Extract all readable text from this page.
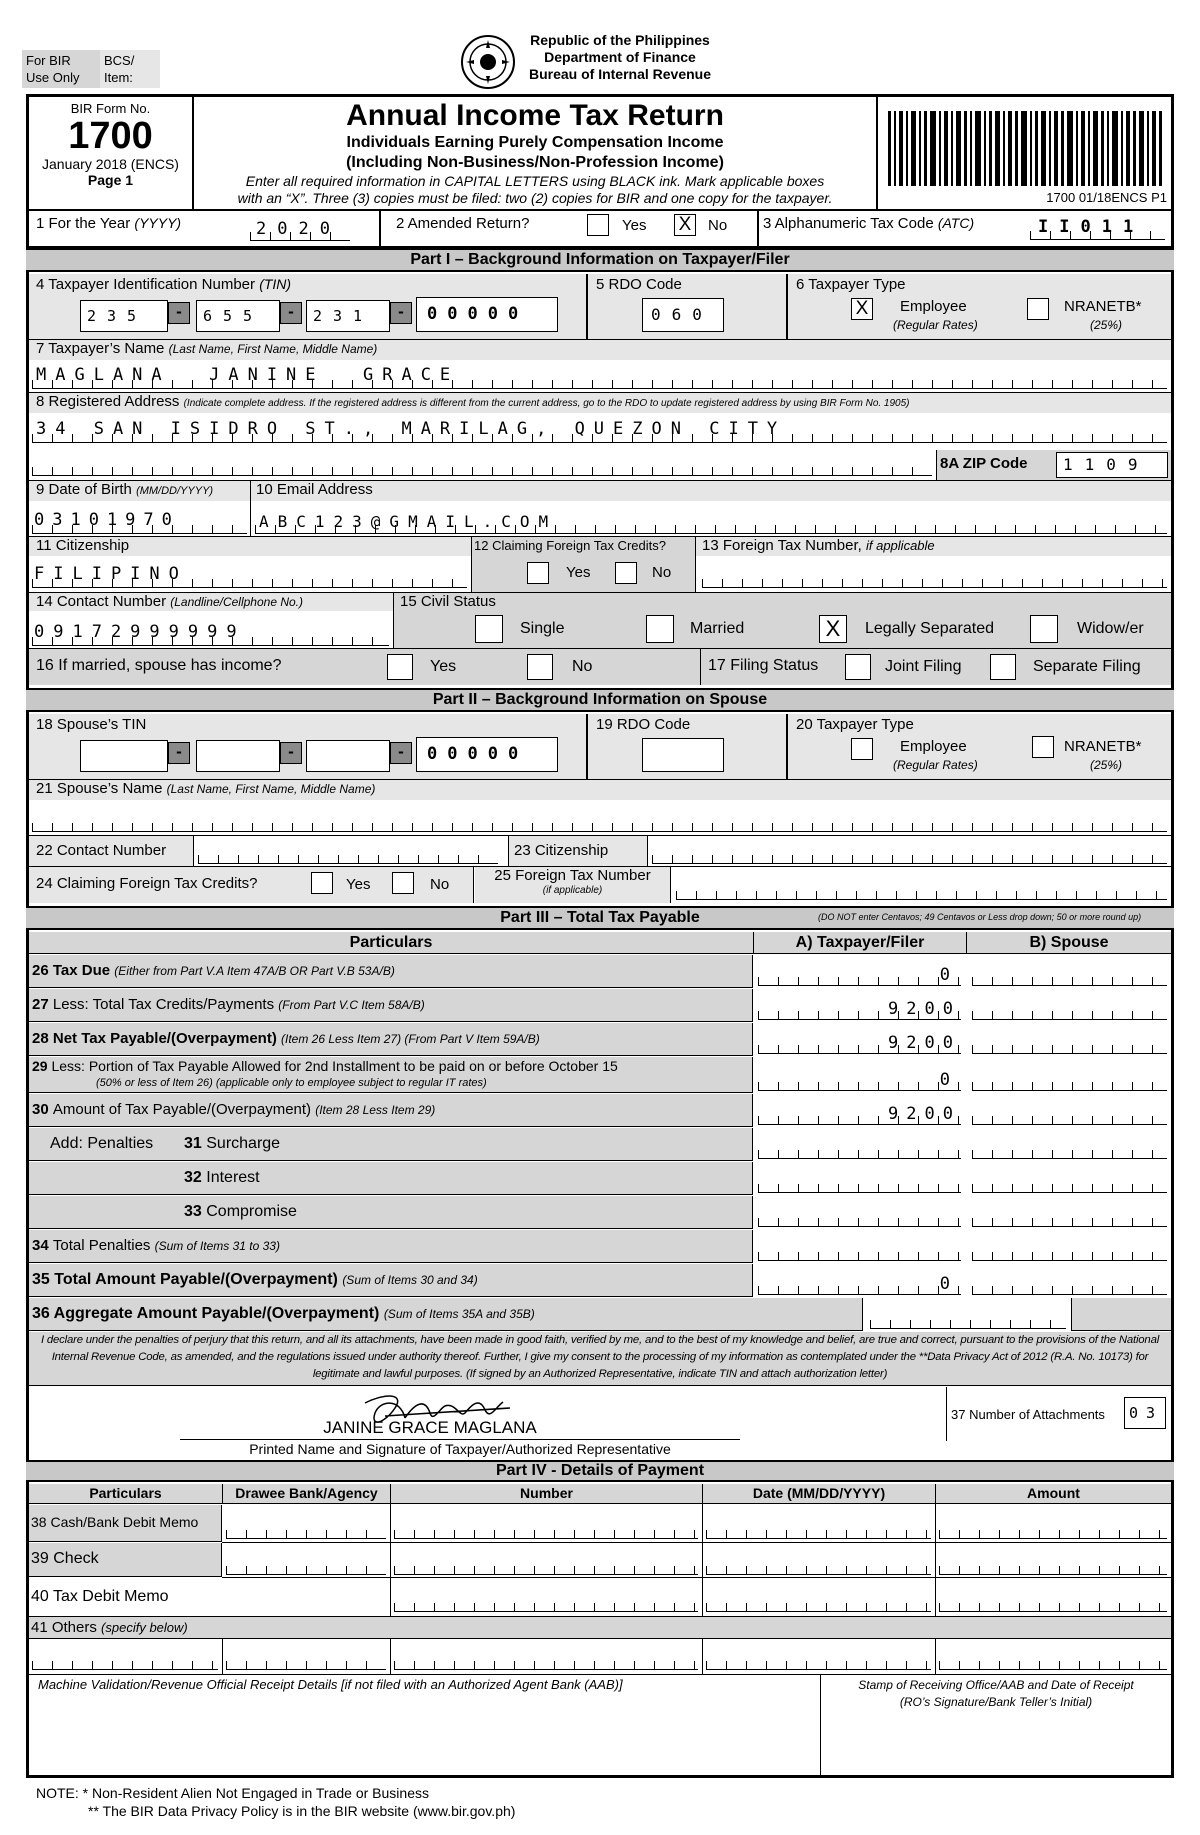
For BIR
Use Only
BCS/
Item:
Republic of the Philippines
Department of Finance
Bureau of Internal Revenue
BIR Form No.
1700
January 2018 (ENCS)
Page 1
Annual Income Tax Return
Individuals Earning Purely Compensation Income
(Including Non-Business/Non-Profession Income)
Enter all required information in CAPITAL LETTERS using BLACK ink. Mark applicable boxes
with an “X”. Three (3) copies must be filed: two (2) copies for BIR and one copy for the taxpayer.	1700 01/18ENCS P1
1 For the Year (YYYY)	2020	2 Amended Return?	Yes X	No 3 Alphanumeric Tax Code (ATC)	II011
Part I – Background Information on Taxpayer/Filer
4 Taxpayer Identification Number (TIN)
235	-	655	-	231	-	00000
5 RDO Code
060
6 Taxpayer Type
X	Employee
(Regular Rates)
NRANETB*
(25%)
7 Taxpayer’s Name (Last Name, First Name, Middle Name)
MAGLANA  JANINE  GRACE
8 Registered Address (Indicate complete address. If the registered address is different from the current address, go to the RDO to update registered address by using BIR Form No. 1905)
34 SAN ISIDRO ST., MARILAG, QUEZON CITY
8A ZIP Code	1109
9 Date of Birth (MM/DD/YYYY)	10 Email Address
03101970	ABC123@GMAIL.COM
11 Citizenship
FILIPINO
12 Claiming Foreign Tax Credits?
Yes	No
13 Foreign Tax Number, if applicable
14 Contact Number (Landline/Cellphone No.)	15 Civil Status
09172999999	Single	Married	X	Legally Separated	Widow/er
16 If married, spouse has income?	Yes	No	17 Filing Status	Joint Filing	Separate Filing
Part II – Background Information on Spouse
18 Spouse’s TIN
-	-	-	00000
19 RDO Code	20 Taxpayer Type
Employee
(Regular Rates)
NRANETB*
(25%)
21 Spouse’s Name (Last Name, First Name, Middle Name)
22 Contact Number	23 Citizenship
24 Claiming Foreign Tax Credits?	Yes	No
25 Foreign Tax Number
(if applicable)
Part III – Total Tax Payable	(DO NOT enter Centavos; 49 Centavos or Less drop down; 50 or more round up)
Particulars	A) Taxpayer/Filer	B) Spouse
26 Tax Due (Either from Part V.A Item 47A/B OR Part V.B 53A/B)	0
27 Less: Total Tax Credits/Payments (From Part V.C Item 58A/B)	9200
28 Net Tax Payable/(Overpayment) (Item 26 Less Item 27) (From Part V Item 59A/B)	9200
29 Less: Portion of Tax Payable Allowed for 2nd Installment to be paid on or before October 15
(50% or less of Item 26) (applicable only to employee subject to regular IT rates)	0
30 Amount of Tax Payable/(Overpayment) (Item 28 Less Item 29)	9200
Add: Penalties 31 Surcharge
32 Interest
33 Compromise
34 Total Penalties (Sum of Items 31 to 33)
35 Total Amount Payable/(Overpayment) (Sum of Items 30 and 34)	0
36 Aggregate Amount Payable/(Overpayment) (Sum of Items 35A and 35B)
I declare under the penalties of perjury that this return, and all its attachments, have been made in good faith, verified by me, and to the best of my knowledge and belief, are true and correct, pursuant to the provisions of the National Internal Revenue Code, as amended, and the regulations issued under authority thereof. Further, I give my consent to the processing of my information as contemplated under the **Data Privacy Act of 2012 (R.A. No. 10173) for legitimate and lawful purposes. (If signed by an Authorized Representative, indicate TIN and attach authorization letter)
JANINE GRACE MAGLANA
Printed Name and Signature of Taxpayer/Authorized Representative
37 Number of Attachments	03
Part IV - Details of Payment
Particulars	Drawee Bank/Agency	Number	Date (MM/DD/YYYY)	Amount
38 Cash/Bank Debit Memo
39 Check
40 Tax Debit Memo
41 Others (specify below)
Machine Validation/Revenue Official Receipt Details [if not filed with an Authorized Agent Bank (AAB)]	Stamp of Receiving Office/AAB and Date of Receipt
(RO’s Signature/Bank Teller’s Initial)
NOTE: * Non-Resident Alien Not Engaged in Trade or Business
** The BIR Data Privacy Policy is in the BIR website (www.bir.gov.ph)
